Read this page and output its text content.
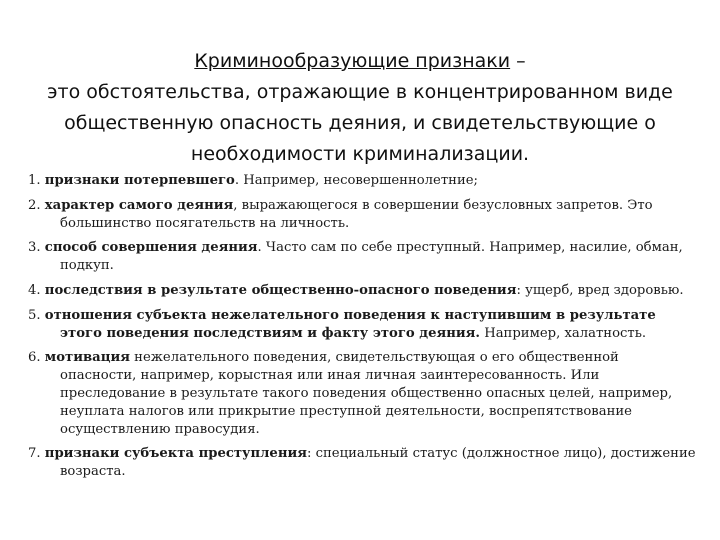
Криминообразующие признаки –
это обстоятельства, отражающие в концентрированном виде общественную опасность деяния, и свидетельствующие о необходимости криминализации.
1. признаки потерпевшего. Например, несовершеннолетние;
2. характер самого деяния, выражающегося в совершении безусловных запретов. Это большинство посягательств на личность.
3. способ совершения деяния. Часто сам по себе преступный. Например, насилие, обман, подкуп.
4. последствия в результате общественно-опасного поведения: ущерб, вред здоровью.
5. отношения субъекта нежелательного поведения к наступившим в результате этого поведения последствиям и факту этого деяния. Например, халатность.
6. мотивация нежелательного поведения, свидетельствующая о его общественной опасности, например, корыстная или иная личная заинтересованность. Или преследование в результате такого поведения общественно опасных целей, например, неуплата налогов или прикрытие преступной деятельности, воспрепятствование осуществлению правосудия.
7. признаки субъекта преступления: специальный статус (должностное лицо), достижение возраста.
